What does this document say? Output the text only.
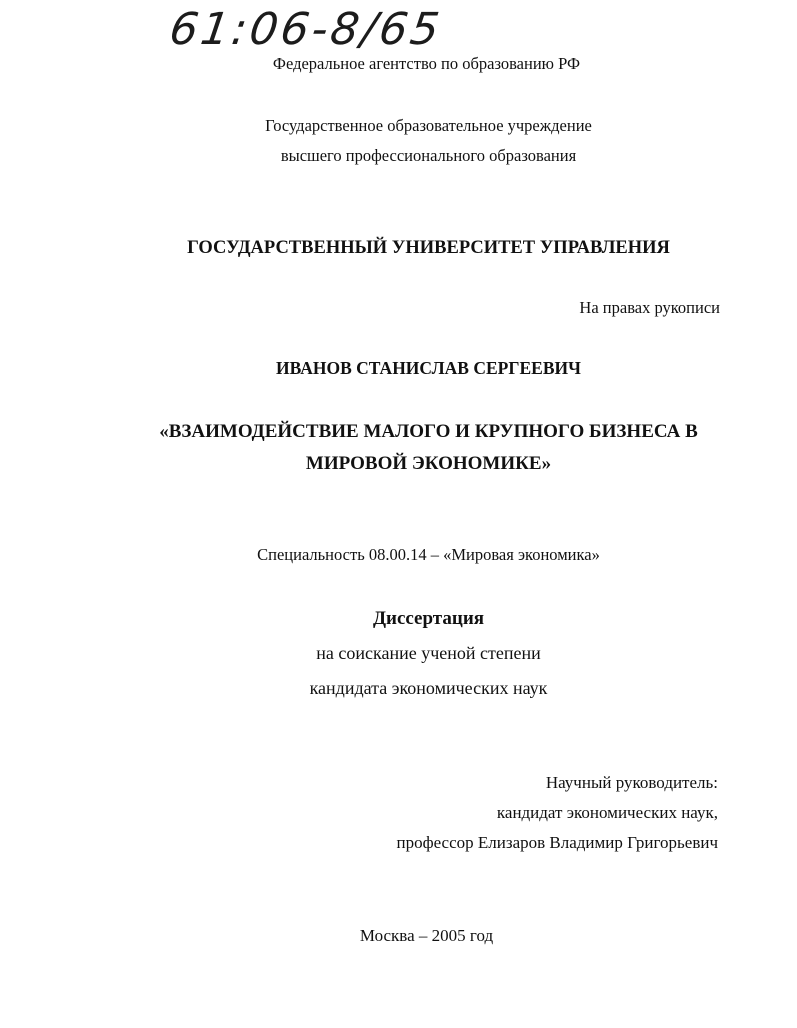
61:06-8/65
Федеральное агентство по образованию РФ
Государственное образовательное учреждение
высшего профессионального образования
ГОСУДАРСТВЕННЫЙ УНИВЕРСИТЕТ УПРАВЛЕНИЯ
На правах рукописи
ИВАНОВ СТАНИСЛАВ СЕРГЕЕВИЧ
«ВЗАИМОДЕЙСТВИЕ МАЛОГО И КРУПНОГО БИЗНЕСА В
МИРОВОЙ ЭКОНОМИКЕ»
Специальность 08.00.14 – «Мировая экономика»
Диссертация
на соискание ученой степени
кандидата экономических наук
Научный руководитель:
кандидат экономических наук,
профессор Елизаров Владимир Григорьевич
Москва – 2005 год
